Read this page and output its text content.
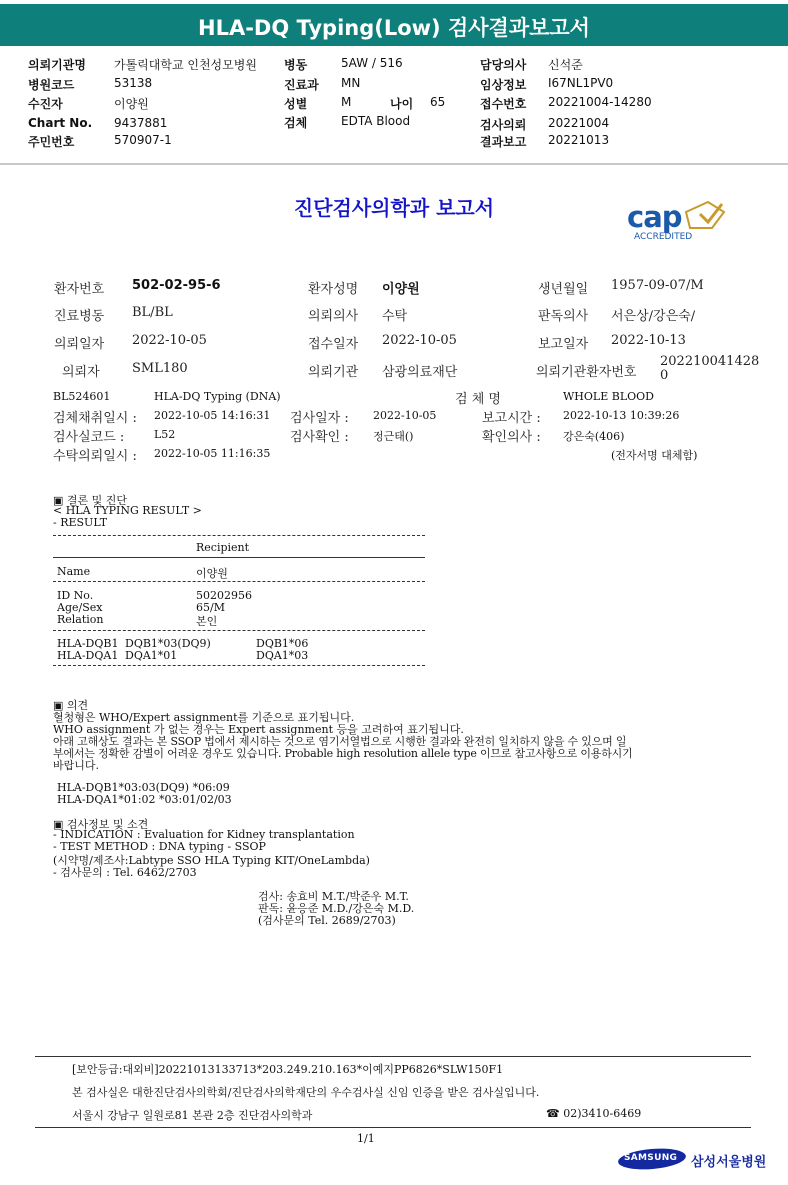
HLA-DQ Typing(Low) 검사결과보고서
의뢰기관명 가톨릭대학교 인천성모병원 병동	5AW / 516	담당의사 신석준
병원코드	53138	진료과 MN	임상정보 I67NL1PV0
수진자	이양원	성별	M	나이 65	접수번호 20221004-14280
Chart No. 9437881	검체	EDTA Blood	검사의뢰 20221004
주민번호	570907-1	결과보고 20221013
진단검사의학과 보고서	cap
ACCREDITED
환자번호 502-02-95-6	환자성명 이양원	생년월일 1957-09-07/M
진료병동 BL/BL	의뢰의사 수탁	판독의사 서은상/강은숙/
의뢰일자 2022-10-05	접수일자 2022-10-05	보고일자 2022-10-13
의뢰자 SML180	의뢰기관 삼광의료재단	의뢰기관환자번호
202210041428
0
BL524601	HLA-DQ Typing (DNA)	검 체 명	WHOLE BLOOD
검체채취일시 : 2022-10-05 14:16:31 검사일자 : 2022-10-05	보고시간 : 2022-10-13 10:39:26
검사실코드 :	L52	검사확인 : 정근태()	확인의사 : 강은숙(406)
수탁의뢰일시 : 2022-10-05 11:16:35	(전자서명 대체함)
▣ 결론 및 진단
< HLA TYPING RESULT >
- RESULT
Recipient
Name	이양원
ID No.	50202956
Age/Sex	65/M
Relation	본인
HLA-DQB1 DQB1*03(DQ9)	DQB1*06
HLA-DQA1 DQA1*01	DQA1*03
▣ 의견
혈청형은 WHO/Expert assignment를 기준으로 표기됩니다.
WHO assignment 가 없는 경우는 Expert assignment 등을 고려하여 표기됩니다.
아래 고해상도 결과는 본 SSOP 법에서 제시하는 것으로 염기서열법으로 시행한 결과와 완전히 일치하지 않을 수 있으며 일
부에서는 정확한 감별이 어려운 경우도 있습니다. Probable high resolution allele type 이므로 참고사항으로 이용하시기
바랍니다.
HLA-DQB1*03:03(DQ9) *06:09
HLA-DQA1*01:02 *03:01/02/03
▣ 검사정보 및 소견
- INDICATION : Evaluation for Kidney transplantation
- TEST METHOD : DNA typing - SSOP
(시약명/제조사:Labtype SSO HLA Typing KIT/OneLambda)
- 검사문의 : Tel. 6462/2703
검사: 송효비 M.T./박준우 M.T.
판독: 윤응준 M.D./강은숙 M.D.
(검사문의 Tel. 2689/2703)
[보안등급:대외비]20221013133713*203.249.210.163*이예지PP6826*SLW150F1
본 검사실은 대한진단검사의학회/진단검사의학재단의 우수검사실 신임 인증을 받은 검사실입니다.
서울시 강남구 일원로81 본관 2층 진단검사의학과	☎ 02)3410-6469
1/1
SAMSUNG 삼성서울병원
